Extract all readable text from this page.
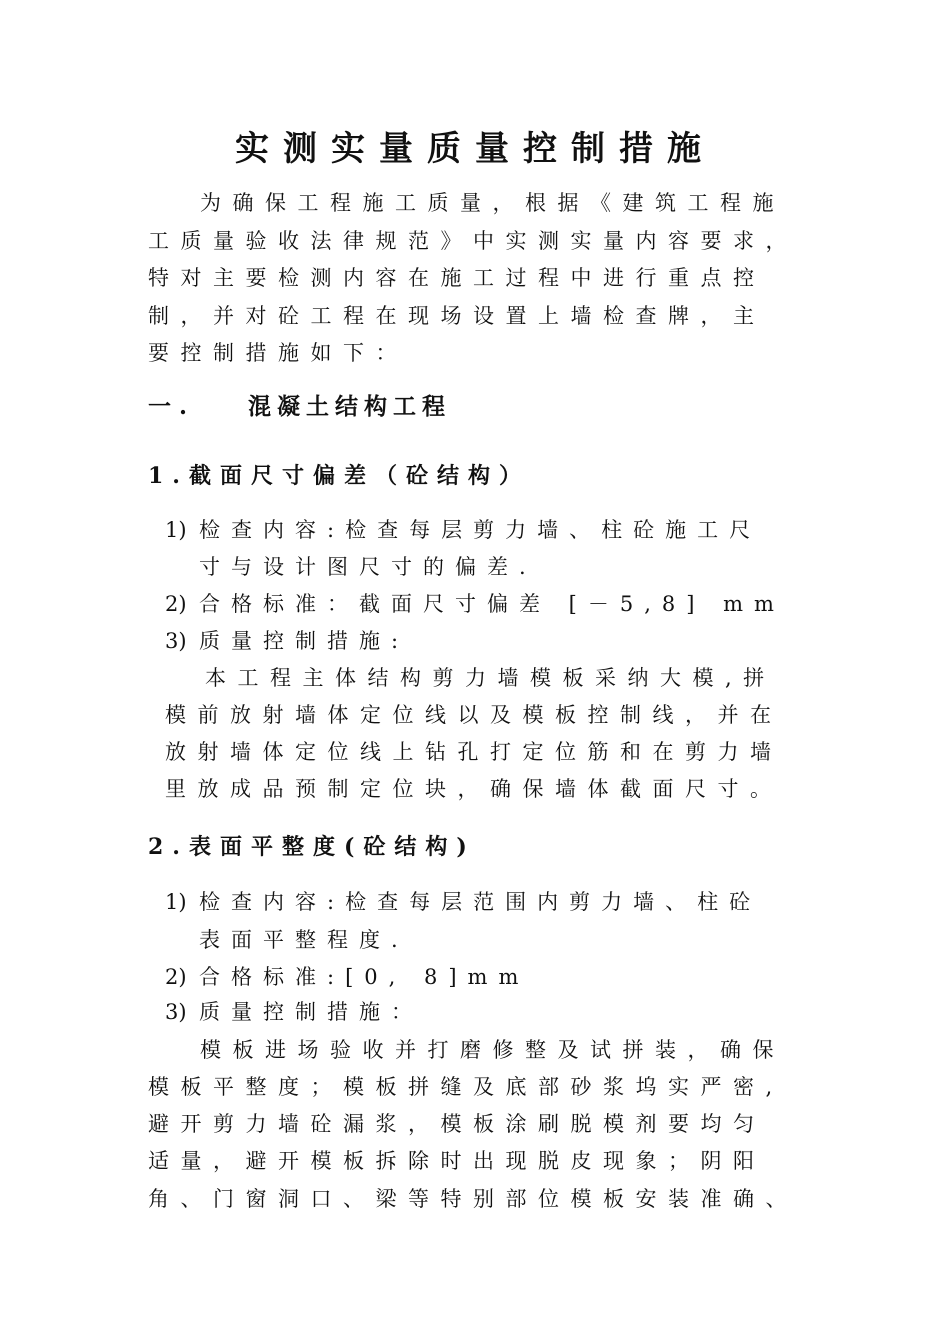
实测实量质量控制措施
为确保工程施工质量，根据《建筑工程施
工质量验收法律规范》中实测实量内容要求，
特对主要检测内容在施工过程中进行重点控
制，并对砼工程在现场设置上墙检查牌，主
要控制措施如下：
一. 混凝土结构工程
1.截面尺寸偏差（砼结构）
1) 检查内容:检查每层剪力墙、柱砼施工尺
寸与设计图尺寸的偏差.
2) 合格标准：截面尺寸偏差 [－5,8] mm
3) 质量控制措施:
本工程主体结构剪力墙模板采纳大模,拼
模前放射墙体定位线以及模板控制线，并在
放射墙体定位线上钻孔打定位筋和在剪力墙
里放成品预制定位块，确保墙体截面尺寸。
2.表面平整度(砼结构)
1) 检查内容:检查每层范围内剪力墙、柱砼
表面平整程度.
2) 合格标准:[0, 8]mm
3) 质量控制措施：
模板进场验收并打磨修整及试拼装，确保
模板平整度；模板拼缝及底部砂浆坞实严密,
避开剪力墙砼漏浆，模板涂刷脱模剂要均匀
适量，避开模板拆除时出现脱皮现象；阴阳
角、门窗洞口、梁等特别部位模板安装准确、
